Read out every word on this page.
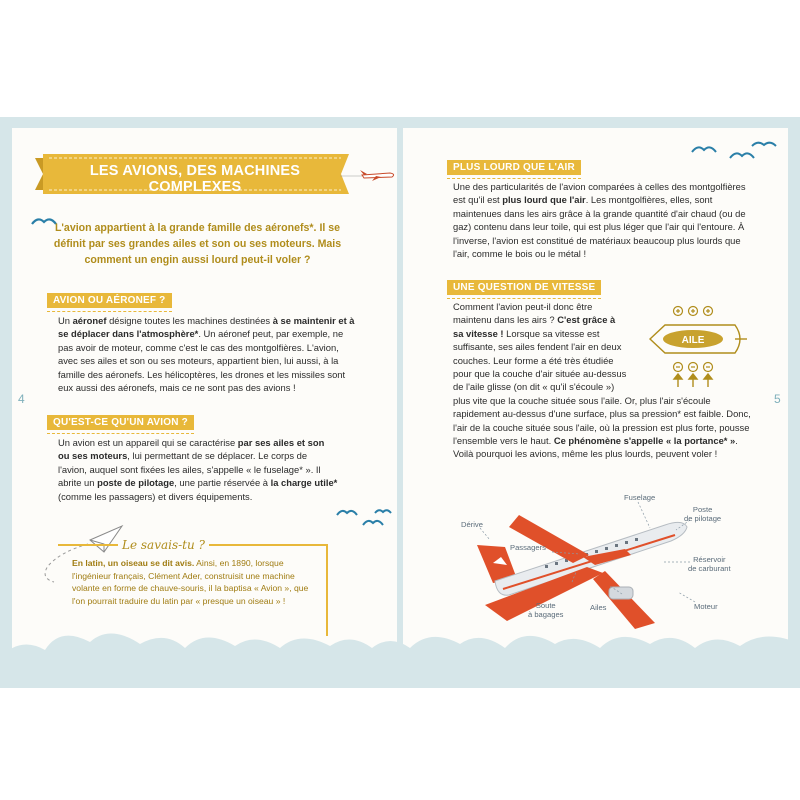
4	5
LES AVIONS, DES MACHINES COMPLEXES
L'avion appartient à la grande famille des aéronefs*. Il se définit par ses grandes ailes et son ou ses moteurs. Mais comment un engin aussi lourd peut-il voler ?
AVION OU AÉRONEF ?
Un aéronef désigne toutes les machines destinées à se maintenir et à se déplacer dans l'atmosphère*. Un aéronef peut, par exemple, ne pas avoir de moteur, comme c'est le cas des montgolfières. L'avion, avec ses ailes et son ou ses moteurs, appartient bien, lui aussi, à la famille des aéronefs. Les hélicoptères, les drones et les missiles sont eux aussi des aéronefs, mais ce ne sont pas des avions !
QU'EST-CE QU'UN AVION ?
Un avion est un appareil qui se caractérise par ses ailes et son ou ses moteurs, lui permettant de se déplacer. Le corps de l'avion, auquel sont fixées les ailes, s'appelle « le fuselage* ». Il abrite un poste de pilotage, une partie réservée à la charge utile* (comme les passagers) et divers équipements.
Le savais-tu ?
En latin, un oiseau se dit avis. Ainsi, en 1890, lorsque l'ingénieur français, Clément Ader, construisit une machine volante en forme de chauve-souris, il la baptisa « Avion », que l'on pourrait traduire du latin par « presque un oiseau » !
PLUS LOURD QUE L'AIR
Une des particularités de l'avion comparées à celles des montgolfières est qu'il est plus lourd que l'air. Les montgolfières, elles, sont maintenues dans les airs grâce à la grande quantité d'air chaud (ou de gaz) contenu dans leur toile, qui est plus léger que l'air qui l'entoure. À l'inverse, l'avion est constitué de matériaux beaucoup plus lourds que l'air, comme le bois ou le métal !
UNE QUESTION DE VITESSE
Comment l'avion peut-il donc être maintenu dans les airs ? C'est grâce à sa vitesse ! Lorsque sa vitesse est suffisante, ses ailes fendent l'air en deux couches. Leur forme a été très étudiée pour que la couche d'air située au-dessus de l'aile glisse (on dit « qu'il s'écoule ») plus vite que la couche située sous l'aile. Or, plus l'air s'écoule rapidement au-dessus d'une surface, plus sa pression* est faible. Donc, l'air de la couche située sous l'aile, où la pression est plus forte, pousse l'ensemble vers le haut. Ce phénomène s'appelle « la portance* ». Voilà pourquoi les avions, même les plus lourds, peuvent voler !
AILE
Fuselage
Poste
de pilotage
Dérive
Passagers
Réservoir
de carburant
Soute
à bagages
Ailes	Moteur
